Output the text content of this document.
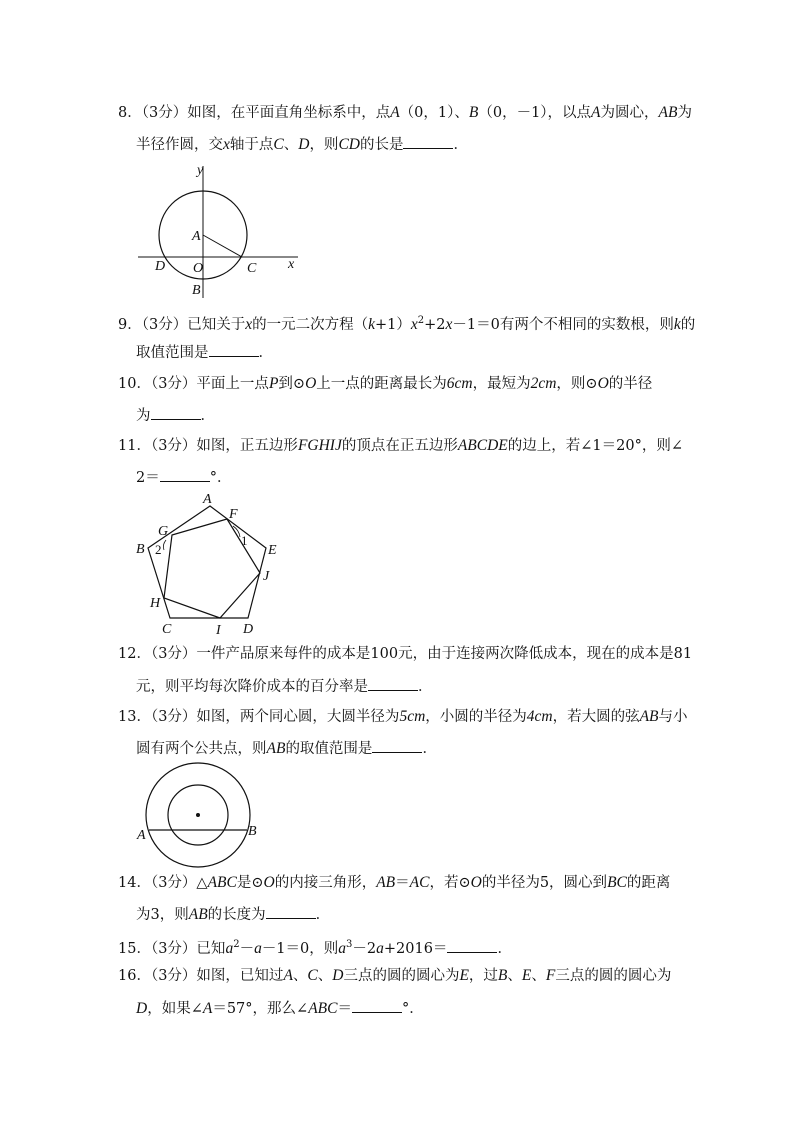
8．（3分）如图，在平面直角坐标系中，点A（0，1）、B（0，－1），以点A为圆心，AB为
半径作圆，交x轴于点C、D，则CD的长是	．
y
x
A
O
B
C
D
9．（3分）已知关于x的一元二次方程$(k+1)x^2+2x-1=0$有两个不相同的实数根，则k的
取值范围是	．
10．（3分）平面上一点P到⊙O上一点的距离最长为6cm，最短为2cm，则⊙O的半径
为	．
11．（3分）如图，正五边形FGHIJ的顶点在正五边形ABCDE的边上，若∠1＝20°，则∠
2＝	°．
A
B
C	D
E
F
G
H
I
J
1
2
12．（3分）一件产品原来每件的成本是100元，由于连接两次降低成本，现在的成本是81
元，则平均每次降价成本的百分率是	．
13．（3分）如图，两个同心圆，大圆半径为5cm，小圆的半径为4cm，若大圆的弦AB与小
圆有两个公共点，则AB的取值范围是	．
A	B
14．（3分）△ABC是⊙O的内接三角形，AB＝AC，若⊙O的半径为5，圆心到BC的距离
为3，则AB的长度为	．
15．（3分）已知$a^2-a-1=0$，则$a^3-2a+2016=$	．
16．（3分）如图，已知过A、C、D三点的圆的圆心为E，过B、E、F三点的圆的圆心为
D，如果∠A＝57°，那么∠ABC＝	°．
